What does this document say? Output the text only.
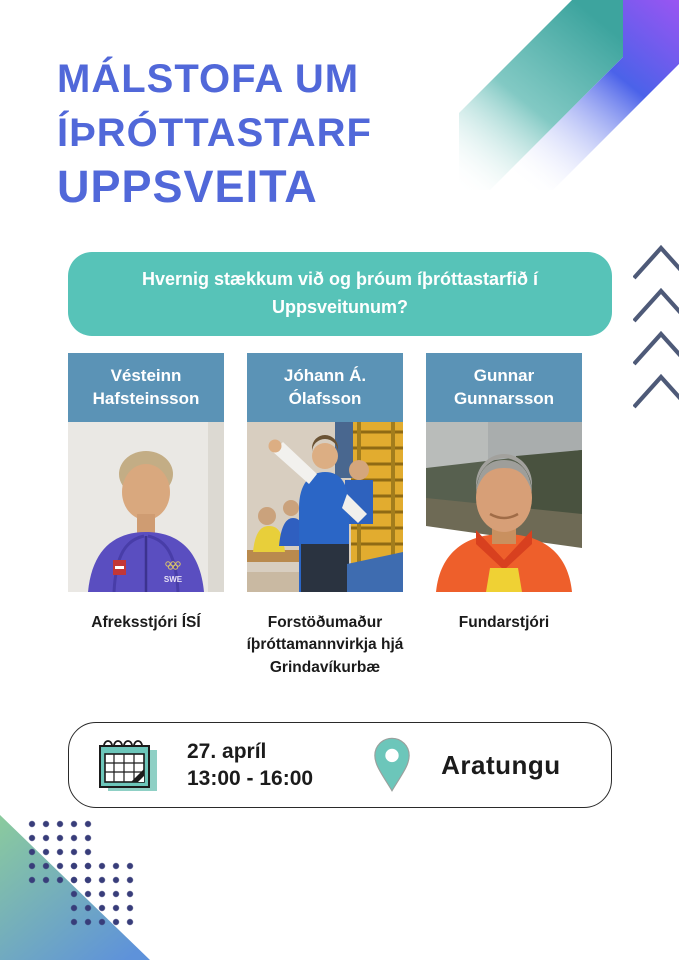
MÁLSTOFA UM
ÍÞRÓTTASTARF
UPPSVEITA
Hvernig stækkum við og þróum íþróttastarfið í Uppsveitunum?
Vésteinn Hafsteinsson
SWE
Afreksstjóri ÍSÍ
Jóhann Á. Ólafsson
Forstöðumaður íþróttamannvirkja hjá Grindavíkurbæ
Gunnar Gunnarsson
Fundarstjóri
27. apríl
13:00 - 16:00	Aratungu
